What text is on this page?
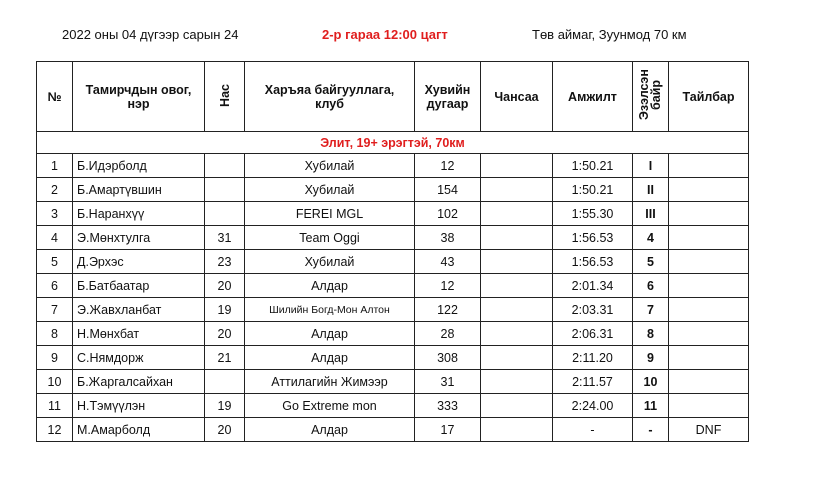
2022 оны 04 дүгээр сарын 24	2-р гараа 12:00 цагт	Төв аймаг, Зуунмод 70 км
№	Тамирчдын овог, нэр	Нас	Харъяа байгууллага, клуб	Хувийн дугаар	Чансаа	Амжилт	Эзэлсэн байр	Тайлбар
Элит, 19+ эрэгтэй, 70км								
1	Б.Идэрболд		Хубилай	12		1:50.21	I	
2	Б.Амартүвшин		Хубилай	154		1:50.21	II	
3	Б.Наранхүү		FEREI MGL	102		1:55.30	III	
4	Э.Мөнхтулга	31	Team Oggi	38		1:56.53	4	
5	Д.Эрхэс	23	Хубилай	43		1:56.53	5	
6	Б.Батбаатар	20	Алдар	12		2:01.34	6	
7	Э.Жавхланбат	19	Шилийн Богд-Мон Алтон	122		2:03.31	7	
8	Н.Мөнхбат	20	Алдар	28		2:06.31	8	
9	С.Нямдорж	21	Алдар	308		2:11.20	9	
10	Б.Жаргалсайхан		Аттилагийн Жимээр	31		2:11.57	10	
11	Н.Тэмүүлэн	19	Go Extreme mon	333		2:24.00	11	
12	М.Амарболд	20	Алдар	17		-	-	DNF
